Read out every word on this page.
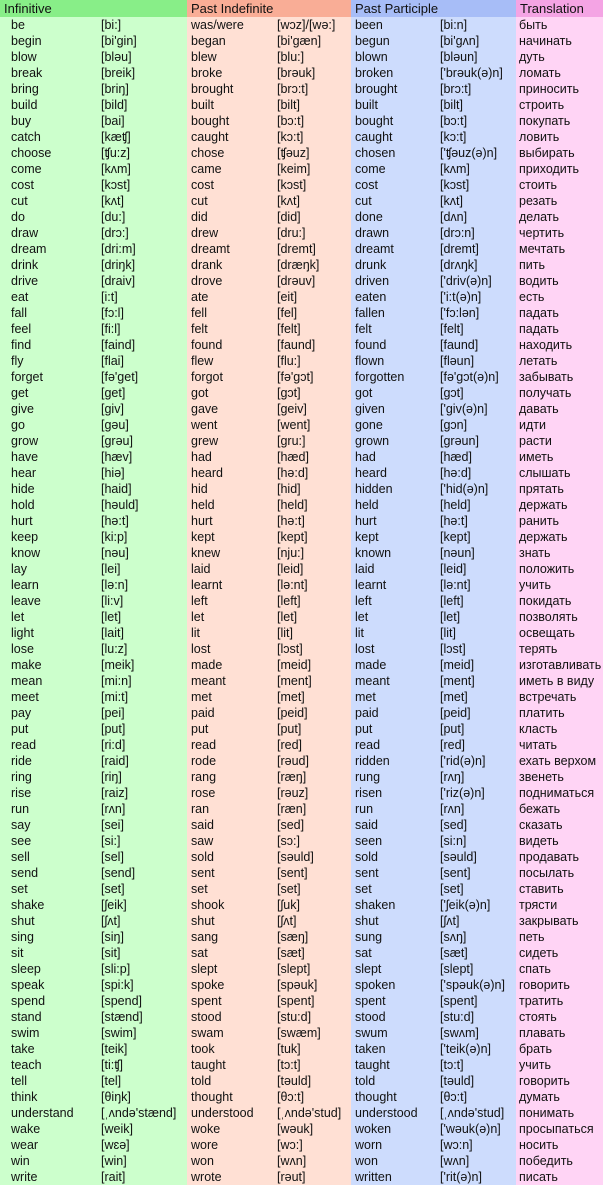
Infinitive	Past Indefinite	Past Participle	Translation
be	[bi:]	was/were	[wɔz]/[wə:]	been	[bi:n]	быть
begin	[bi'gin]	began	[bi'gæn]	begun	[bi'gʌn]	начинать
blow	[bləu]	blew	[blu:]	blown	[bləun]	дуть
break	[breik]	broke	[brəuk]	broken	['brəuk(ə)n]	ломать
bring	[briŋ]	brought	[brɔ:t]	brought	[brɔ:t]	приносить
build	[bild]	built	[bilt]	built	[bilt]	строить
buy	[bai]	bought	[bɔ:t]	bought	[bɔ:t]	покупать
catch	[kæʧ]	caught	[kɔ:t]	caught	[kɔ:t]	ловить
choose	[ʧu:z]	chose	[ʧəuz]	chosen	['ʧəuz(ə)n]	выбирать
come	[kʌm]	came	[keim]	come	[kʌm]	приходить
cost	[kɔst]	cost	[kɔst]	cost	[kɔst]	стоить
cut	[kʌt]	cut	[kʌt]	cut	[kʌt]	резать
do	[du:]	did	[did]	done	[dʌn]	делать
draw	[drɔ:]	drew	[dru:]	drawn	[drɔ:n]	чертить
dream	[dri:m]	dreamt	[dremt]	dreamt	[dremt]	мечтать
drink	[driŋk]	drank	[dræŋk]	drunk	[drʌŋk]	пить
drive	[draiv]	drove	[drəuv]	driven	['driv(ə)n]	водить
eat	[i:t]	ate	[eit]	eaten	['i:t(ə)n]	есть
fall	[fɔ:l]	fell	[fel]	fallen	['fɔ:lən]	падать
feel	[fi:l]	felt	[felt]	felt	[felt]	падать
find	[faind]	found	[faund]	found	[faund]	находить
fly	[flai]	flew	[flu:]	flown	[fləun]	летать
forget	[fə'get]	forgot	[fə'gɔt]	forgotten	[fə'gɔt(ə)n]	забывать
get	[get]	got	[gɔt]	got	[gɔt]	получать
give	[giv]	gave	[geiv]	given	['giv(ə)n]	давать
go	[gəu]	went	[went]	gone	[gɔn]	идти
grow	[grəu]	grew	[gru:]	grown	[grəun]	расти
have	[hæv]	had	[hæd]	had	[hæd]	иметь
hear	[hiə]	heard	[hə:d]	heard	[hə:d]	слышать
hide	[haid]	hid	[hid]	hidden	['hid(ə)n]	прятать
hold	[həuld]	held	[held]	held	[held]	держать
hurt	[hə:t]	hurt	[hə:t]	hurt	[hə:t]	ранить
keep	[ki:p]	kept	[kept]	kept	[kept]	держать
know	[nəu]	knew	[nju:]	known	[nəun]	знать
lay	[lei]	laid	[leid]	laid	[leid]	положить
learn	[lə:n]	learnt	[lə:nt]	learnt	[lə:nt]	учить
leave	[li:v]	left	[left]	left	[left]	покидать
let	[let]	let	[let]	let	[let]	позволять
light	[lait]	lit	[lit]	lit	[lit]	освещать
lose	[lu:z]	lost	[lɔst]	lost	[lɔst]	терять
make	[meik]	made	[meid]	made	[meid]	изготавливать
mean	[mi:n]	meant	[ment]	meant	[ment]	иметь в виду
meet	[mi:t]	met	[met]	met	[met]	встречать
pay	[pei]	paid	[peid]	paid	[peid]	платить
put	[put]	put	[put]	put	[put]	класть
read	[ri:d]	read	[red]	read	[red]	читать
ride	[raid]	rode	[rəud]	ridden	['rid(ə)n]	ехать верхом
ring	[riŋ]	rang	[ræŋ]	rung	[rʌŋ]	звенеть
rise	[raiz]	rose	[rəuz]	risen	['riz(ə)n]	подниматься
run	[rʌn]	ran	[ræn]	run	[rʌn]	бежать
say	[sei]	said	[sed]	said	[sed]	сказать
see	[si:]	saw	[sɔ:]	seen	[si:n]	видеть
sell	[sel]	sold	[səuld]	sold	[səuld]	продавать
send	[send]	sent	[sent]	sent	[sent]	посылать
set	[set]	set	[set]	set	[set]	ставить
shake	[ʃeik]	shook	[ʃuk]	shaken	['ʃeik(ə)n]	трясти
shut	[ʃʌt]	shut	[ʃʌt]	shut	[ʃʌt]	закрывать
sing	[siŋ]	sang	[sæŋ]	sung	[sʌŋ]	петь
sit	[sit]	sat	[sæt]	sat	[sæt]	сидеть
sleep	[sli:p]	slept	[slept]	slept	[slept]	спать
speak	[spi:k]	spoke	[spəuk]	spoken	['spəuk(ə)n]	говорить
spend	[spend]	spent	[spent]	spent	[spent]	тратить
stand	[stænd]	stood	[stu:d]	stood	[stu:d]	стоять
swim	[swim]	swam	[swæm]	swum	[swʌm]	плавать
take	[teik]	took	[tuk]	taken	['teik(ə)n]	брать
teach	[ti:ʧ]	taught	[tɔ:t]	taught	[tɔ:t]	учить
tell	[tel]	told	[təuld]	told	[təuld]	говорить
think	[θiŋk]	thought	[θɔ:t]	thought	[θɔ:t]	думать
understand	[ˌʌndə'stænd]	understood	[ˌʌndə'stud]	understood	[ˌʌndə'stud]	понимать
wake	[weik]	woke	[wəuk]	woken	['wəuk(ə)n]	просыпаться
wear	[wɛə]	wore	[wɔ:]	worn	[wɔ:n]	носить
win	[win]	won	[wʌn]	won	[wʌn]	победить
write	[rait]	wrote	[rəut]	written	['rit(ə)n]	писать
